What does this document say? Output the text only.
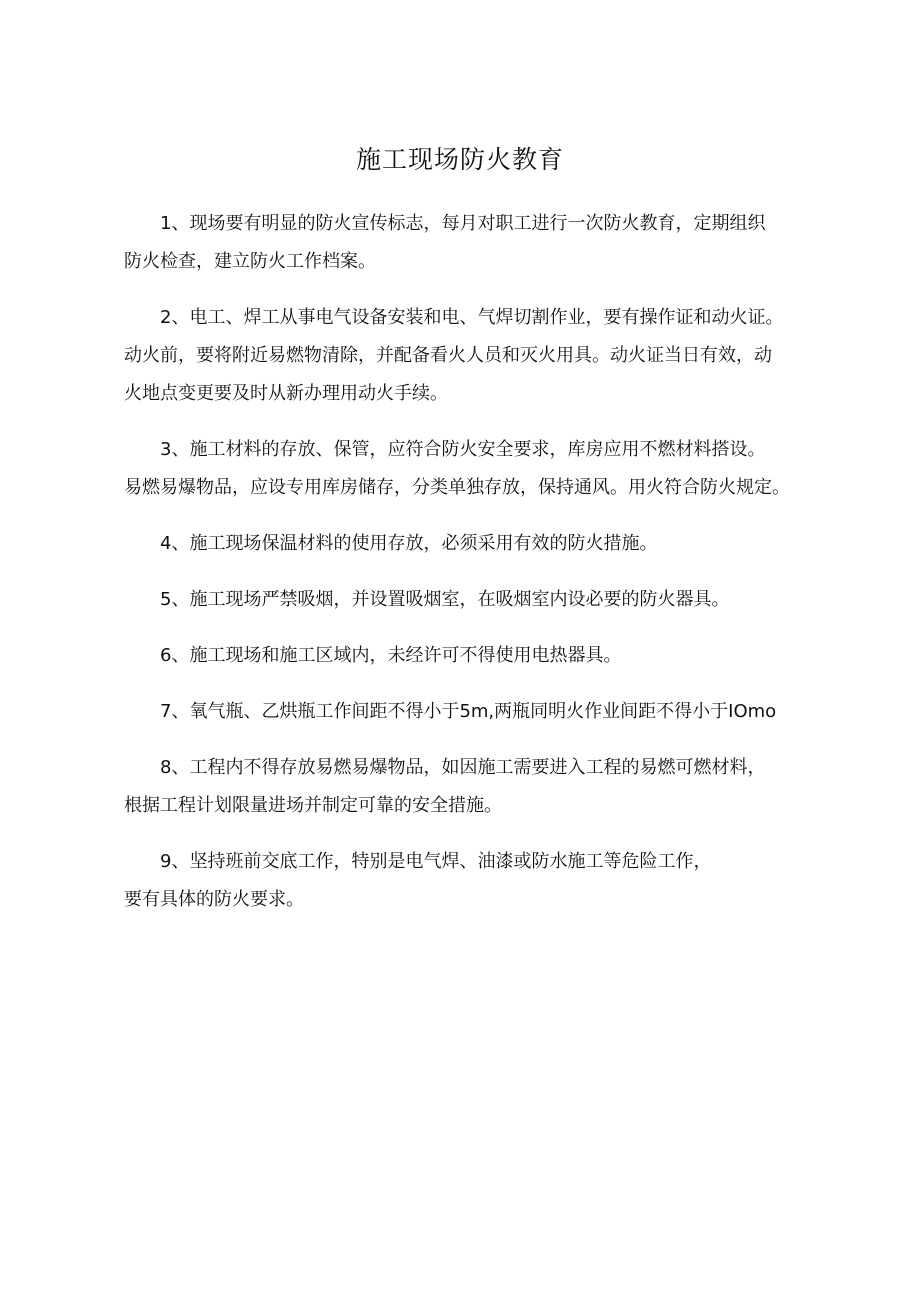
施工现场防火教育

1、现场要有明显的防火宣传标志，每月对职工进行一次防火教育，定期组织
防火检查，建立防火工作档案。

2、电工、焊工从事电气设备安装和电、气焊切割作业，要有操作证和动火证。
动火前，要将附近易燃物清除，并配备看火人员和灭火用具。动火证当日有效，动
火地点变更要及时从新办理用动火手续。

3、施工材料的存放、保管，应符合防火安全要求，库房应用不燃材料搭设。
易燃易爆物品，应设专用库房储存，分类单独存放，保持通风。用火符合防火规定。

4、施工现场保温材料的使用存放，必须采用有效的防火措施。

5、施工现场严禁吸烟，并设置吸烟室，在吸烟室内设必要的防火器具。

6、施工现场和施工区域内，未经许可不得使用电热器具。

7、氧气瓶、乙烘瓶工作间距不得小于5m,两瓶同明火作业间距不得小于IOmo

8、工程内不得存放易燃易爆物品，如因施工需要进入工程的易燃可燃材料，
根据工程计划限量进场并制定可靠的安全措施。

9、坚持班前交底工作，特别是电气焊、油漆或防水施工等危险工作，
要有具体的防火要求。
